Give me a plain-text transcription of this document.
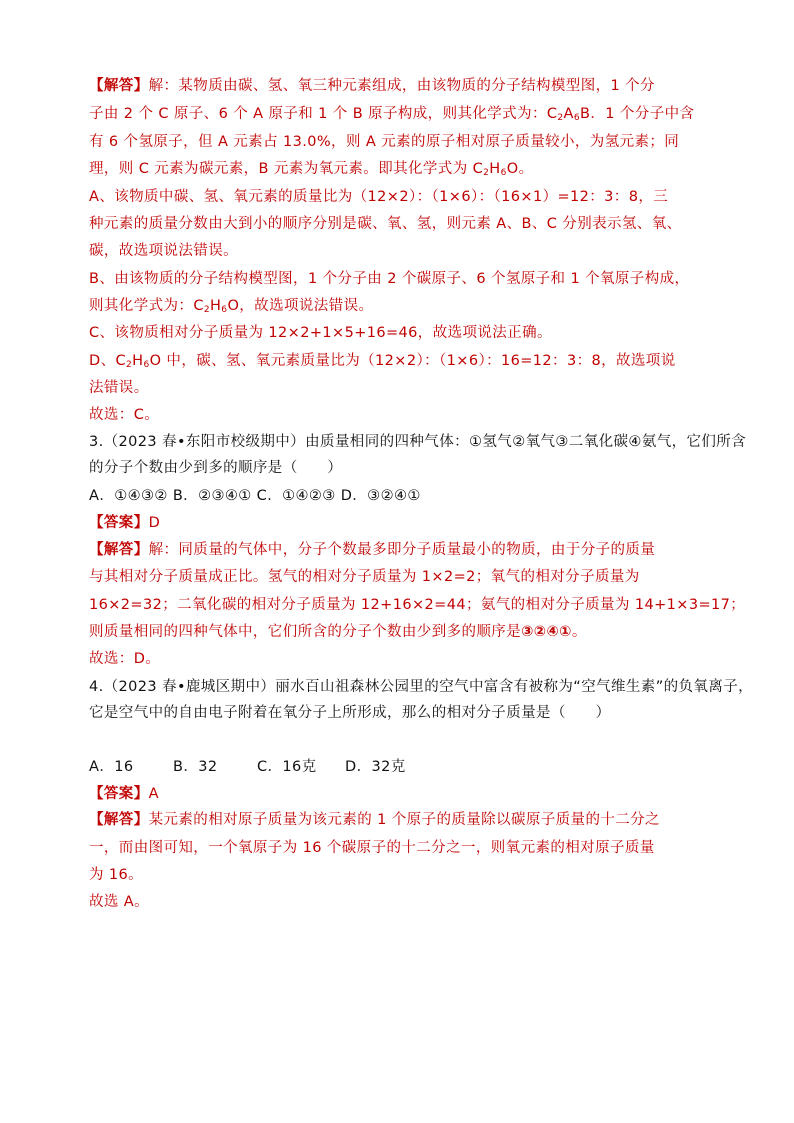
【解答】解：某物质由碳、氢、氧三种元素组成，由该物质的分子结构模型图，1 个分
子由 2 个 C 原子、6 个 A 原子和 1 个 B 原子构成，则其化学式为：$C_2A_6B$．1 个分子中含
有 6 个氢原子，但 A 元素占 13.0%，则 A 元素的原子相对原子质量较小，为氢元素；同
理，则 C 元素为碳元素，B 元素为氧元素。即其化学式为 $C_2H_6O$。
A、该物质中碳、氢、氧元素的质量比为（12×2）：（1×6）：（16×1）=12：3：8，三
种元素的质量分数由大到小的顺序分别是碳、氧、氢，则元素 A、B、C 分别表示氢、氧、
碳，故选项说法错误。
B、由该物质的分子结构模型图，1 个分子由 2 个碳原子、6 个氢原子和 1 个氧原子构成，
则其化学式为：$C_2H_6O$，故选项说法错误。
C、该物质相对分子质量为 12×2+1×5+16=46，故选项说法正确。
D、$C_2H_6O$ 中，碳、氢、氧元素质量比为（12×2）：（1×6）：16=12：3：8，故选项说
法错误。
故选：C。
3.（2023 春•东阳市校级期中）由质量相同的四种气体：①氢气②氧气③二氧化碳④氨气，它们所含
的分子个数由少到多的顺序是（　　）
A．①④③② B．②③④① C．①④②③ D．③②④①
【答案】D
【解答】解：同质量的气体中，分子个数最多即分子质量最小的物质，由于分子的质量
与其相对分子质量成正比。氢气的相对分子质量为 1×2=2；氧气的相对分子质量为
16×2=32；二氧化碳的相对分子质量为 12+16×2=44；氨气的相对分子质量为 14+1×3=17；
则质量相同的四种气体中，它们所含的分子个数由少到多的顺序是③②④①。
故选：D。
4.（2023 春•鹿城区期中）丽水百山祖森林公园里的空气中富含有被称为“空气维生素”的负氧离子，
它是空气中的自由电子附着在氧分子上所形成，那么的相对分子质量是（　　）
A．16	B．32	C．16克 D．32克
【答案】A
【解答】某元素的相对原子质量为该元素的 1 个原子的质量除以碳原子质量的十二分之
一，而由图可知，一个氧原子为 16 个碳原子的十二分之一，则氧元素的相对原子质量
为 16。
故选 A。
